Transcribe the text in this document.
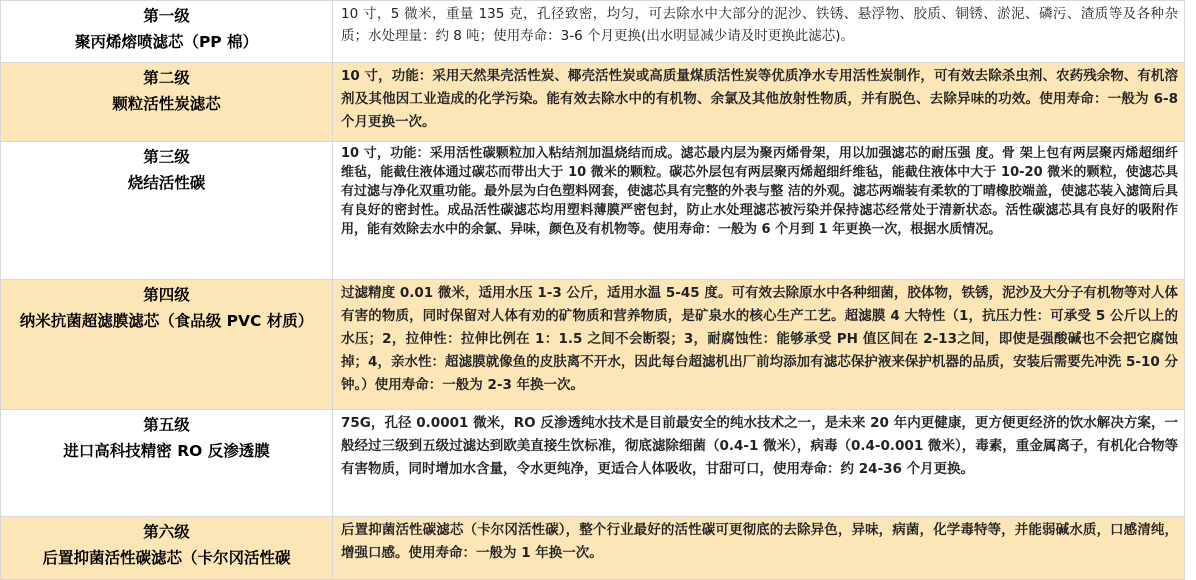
第一级
聚丙烯熔喷滤芯（PP 棉）	10 寸，5 微米，重量 135 克，孔径致密，均匀，可去除水中大部分的泥沙、铁锈、悬浮物、胶质、铜锈、淤泥、磷污、渣质等及各种杂质；水处理量：约 8 吨；使用寿命：3-6 个月更换(出水明显减少请及时更换此滤芯)。

第二级
颗粒活性炭滤芯	10 寸，功能：采用天然果壳活性炭、椰壳活性炭或高质量煤质活性炭等优质净水专用活性炭制作，可有效去除杀虫剂、农药残余物、有机溶剂及其他因工业造成的化学污染。能有效去除水中的有机物、余氯及其他放射性物质，并有脱色、去除异味的功效。使用寿命：一般为 6-8 个月更换一次。

第三级
烧结活性碳	10 寸，功能：采用活性碳颗粒加入粘结剂加温烧结而成。滤芯最内层为聚丙烯骨架，用以加强滤芯的耐压强 度。骨 架上包有两层聚丙烯超细纤维毡，能截住液体通过碳芯而带出大于 10 微米的颗粒。碳芯外层包有两层聚丙烯超细纤维毡，能截住液体中大于 10-20 微米的颗粒，使滤芯具有过滤与净化双重功能。最外层为白色塑料网套，使滤芯具有完整的外表与整 洁的外观。滤芯两端装有柔软的丁晴橡胶端盖，使滤芯装入滤筒后具有良好的密封性。成品活性碳滤芯均用塑料薄膜严密包封，防止水处理滤芯被污染并保持滤芯经常处于清新状态。活性碳滤芯具有良好的吸附作用，能有效除去水中的余氯、异味，颜色及有机物等。使用寿命：一般为 6 个月到 1 年更换一次，根据水质情况。

第四级
纳米抗菌超滤膜滤芯（食品级 PVC 材质）	过滤精度 0.01 微米，适用水压 1-3 公斤，适用水温 5-45 度。可有效去除原水中各种细菌，胶体物，铁锈，泥沙及大分子有机物等对人体有害的物质，同时保留对人体有劝的矿物质和营养物质，是矿泉水的核心生产工艺。超滤膜 4 大特性（1，抗压力性：可承受 5 公斤以上的水压；2，拉伸性：拉伸比例在 1：1.5 之间不会断裂；3，耐腐蚀性：能够承受 PH 值区间在 2-13之间，即使是强酸碱也不会把它腐蚀掉；4，亲水性：超滤膜就像鱼的皮肤离不开水，因此每台超滤机出厂前均添加有滤芯保护液来保护机器的品质，安装后需要先冲洗 5-10 分钟。）使用寿命：一般为 2-3 年换一次。

第五级
进口高科技精密 RO 反渗透膜	75G，孔径 0.0001 微米，RO 反渗透纯水技术是目前最安全的纯水技术之一，是未来 20 年内更健康，更方便更经济的饮水解决方案，一般经过三级到五级过滤达到欧美直接生饮标准，彻底滤除细菌（0.4-1 微米），病毒（0.4-0.001 微米），毒素，重金属离子，有机化合物等有害物质，同时增加水含量，令水更纯净，更适合人体吸收，甘甜可口，使用寿命：约 24-36 个月更换。

第六级
后置抑菌活性碳滤芯（卡尔冈活性碳	后置抑菌活性碳滤芯（卡尔冈活性碳），整个行业最好的活性碳可更彻底的去除异色，异味，病菌，化学毒特等，并能弱碱水质，口感清纯，增强口感。使用寿命：一般为 1 年换一次。
